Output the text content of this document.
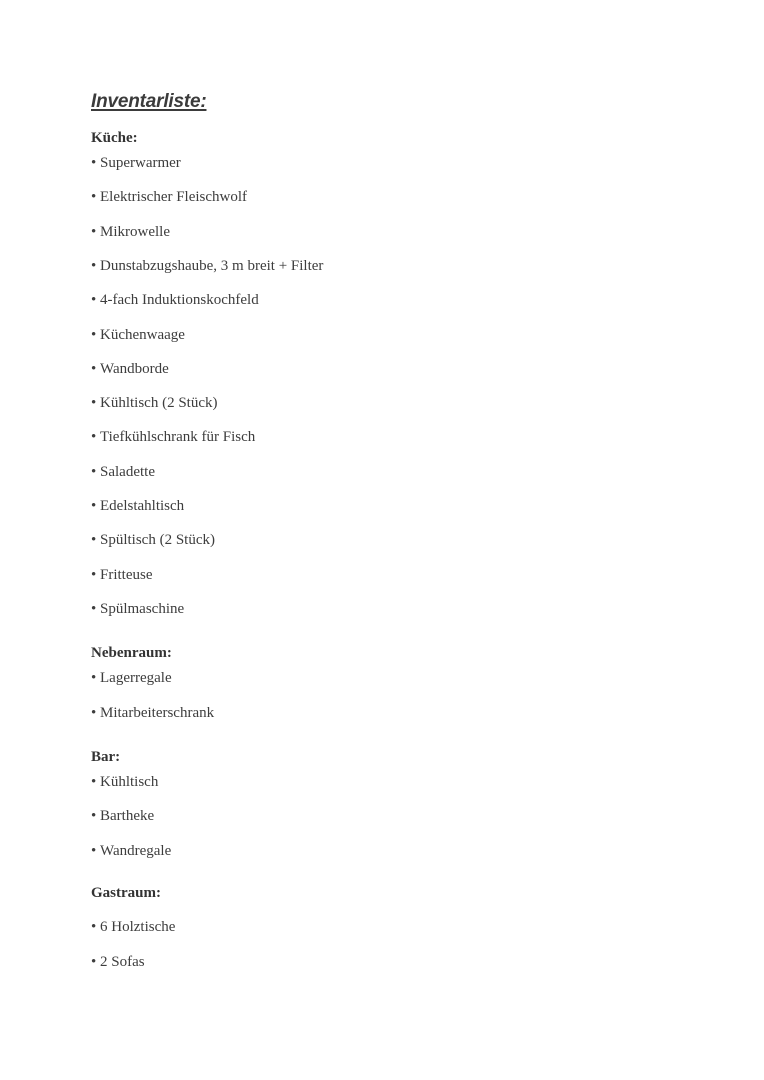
Inventarliste:
Küche:
• Superwarmer
• Elektrischer Fleischwolf
• Mikrowelle
• Dunstabzugshaube, 3 m breit + Filter
• 4-fach Induktionskochfeld
• Küchenwaage
• Wandborde
• Kühltisch (2 Stück)
• Tiefkühlschrank für Fisch
• Saladette
• Edelstahltisch
• Spültisch (2 Stück)
• Fritteuse
• Spülmaschine
Nebenraum:
• Lagerregale
• Mitarbeiterschrank
Bar:
• Kühltisch
• Bartheke
• Wandregale
Gastraum:
• 6 Holztische
• 2 Sofas
